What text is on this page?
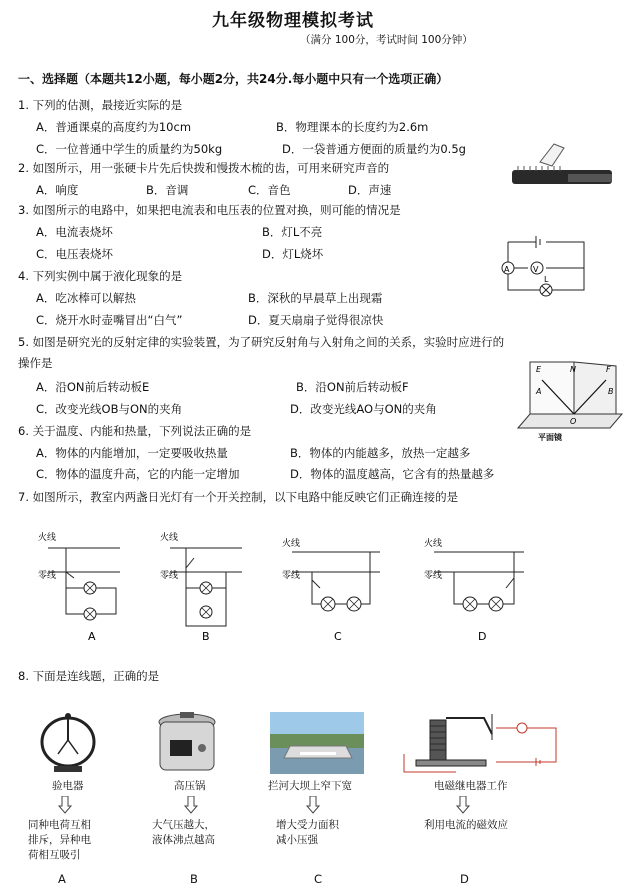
九年级物理模拟考试
（满分 100分，考试时间 100分钟）
一、选择题（本题共12小题，每小题2分，共24分.每小题中只有一个选项正确）
1. 下列的估测，最接近实际的是
A．普通课桌的高度约为10cm	B．物理课本的长度约为2.6m
C．一位普通中学生的质量约为50kg	D．一袋普通方便面的质量约为0.5g
2. 如图所示，用一张硬卡片先后快拨和慢拨木梳的齿，可用来研究声音的
A．响度	B．音调	C．音色	D．声速
3. 如图所示的电路中，如果把电流表和电压表的位置对换，则可能的情况是
A．电流表烧坏	B．灯L不亮
C．电压表烧坏	D．灯L烧坏
A	V
L
4. 下列实例中属于液化现象的是
A．吃冰棒可以解热	B．深秋的早晨草上出现霜
C．烧开水时壶嘴冒出“白气”	D．夏天扇扇子觉得很凉快
5. 如图是研究光的反射定律的实验装置，为了研究反射角与入射角之间的关系，实验时应进行的
操作是
A．沿ON前后转动板E	B．沿ON前后转动板F
C．改变光线OB与ON的夹角	D．改变光线AO与ON的夹角
E	N	F
A
O
B
平面镜
6. 关于温度、内能和热量，下列说法正确的是
A．物体的内能增加，一定要吸收热量	B．物体的内能越多，放热一定越多
C．物体的温度升高，它的内能一定增加	D．物体的温度越高，它含有的热量越多
7. 如图所示，教室内两盏日光灯有一个开关控制，以下电路中能反映它们正确连接的是
火线
零线
A
火线
零线
B
火线
零线
C
火线
零线
D
8. 下面是连线题，正确的是
验电器	高压锅	拦河大坝上窄下宽	电磁继电器工作
同种电荷互相
排斥，异种电
荷相互吸引
大气压越大，
液体沸点越高
增大受力面积
减小压强
利用电流的磁效应
A	B	C	D
